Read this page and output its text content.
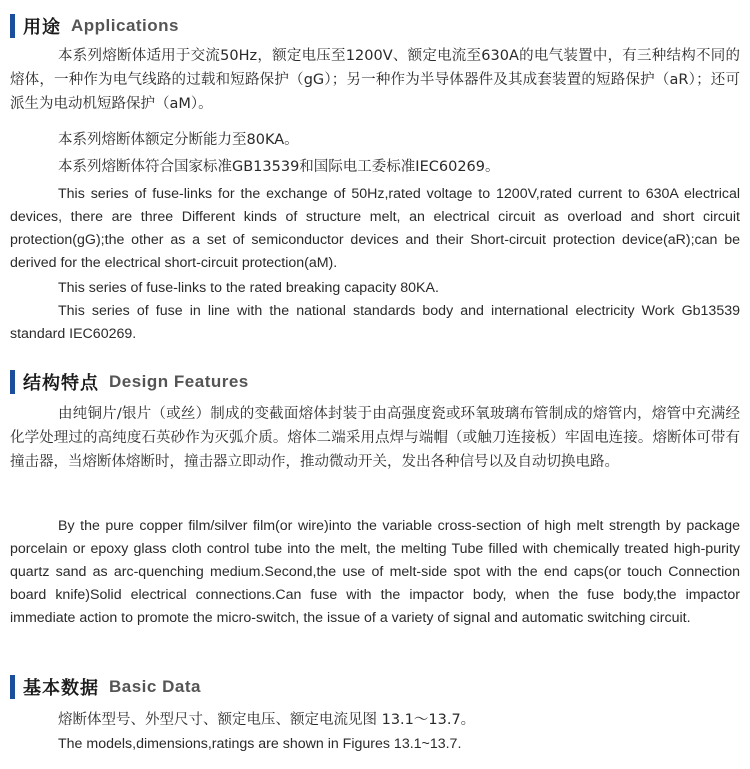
用途 Applications

本系列熔断体适用于交流50Hz，额定电压至1200V、额定电流至630A的电气装置中，有三种结构不同的熔体，一种作为电气线路的过载和短路保护（gG）；另一种作为半导体器件及其成套装置的短路保护（aR）；还可派生为电动机短路保护（aM）。

本系列熔断体额定分断能力至80KA。

本系列熔断体符合国家标准GB13539和国际电工委标准IEC60269。

This series of fuse-links for the exchange of 50Hz,rated voltage to 1200V,rated current to 630A electrical devices, there are three Different kinds of structure melt, an electrical circuit as overload and short circuit protection(gG);the other as a set of semiconductor devices and their Short-circuit protection device(aR);can be derived for the electrical short-circuit protection(aM).

This series of fuse-links to the rated breaking capacity 80KA.

This series of fuse in line with the national standards body and international electricity Work Gb13539 standard IEC60269.

结构特点 Design Features

由纯铜片/银片（或丝）制成的变截面熔体封装于由高强度瓷或环氧玻璃布管制成的熔管内，熔管中充满经化学处理过的高纯度石英砂作为灭弧介质。熔体二端采用点焊与端帽（或触刀连接板）牢固电连接。熔断体可带有撞击器，当熔断体熔断时，撞击器立即动作，推动微动开关，发出各种信号以及自动切换电路。

By the pure copper film/silver film(or wire)into the variable cross-section of high melt strength by package porcelain or epoxy glass cloth control tube into the melt, the melting Tube filled with chemically treated high-purity quartz sand as arc-quenching medium.Second,the use of melt-side spot with the end caps(or touch Connection board knife)Solid electrical connections.Can fuse with the impactor body, when the fuse body,the impactor immediate action to promote the micro-switch, the issue of a variety of signal and automatic switching circuit.

基本数据 Basic Data

熔断体型号、外型尺寸、额定电压、额定电流见图 13.1～13.7。

The models,dimensions,ratings are shown in Figures 13.1~13.7.
